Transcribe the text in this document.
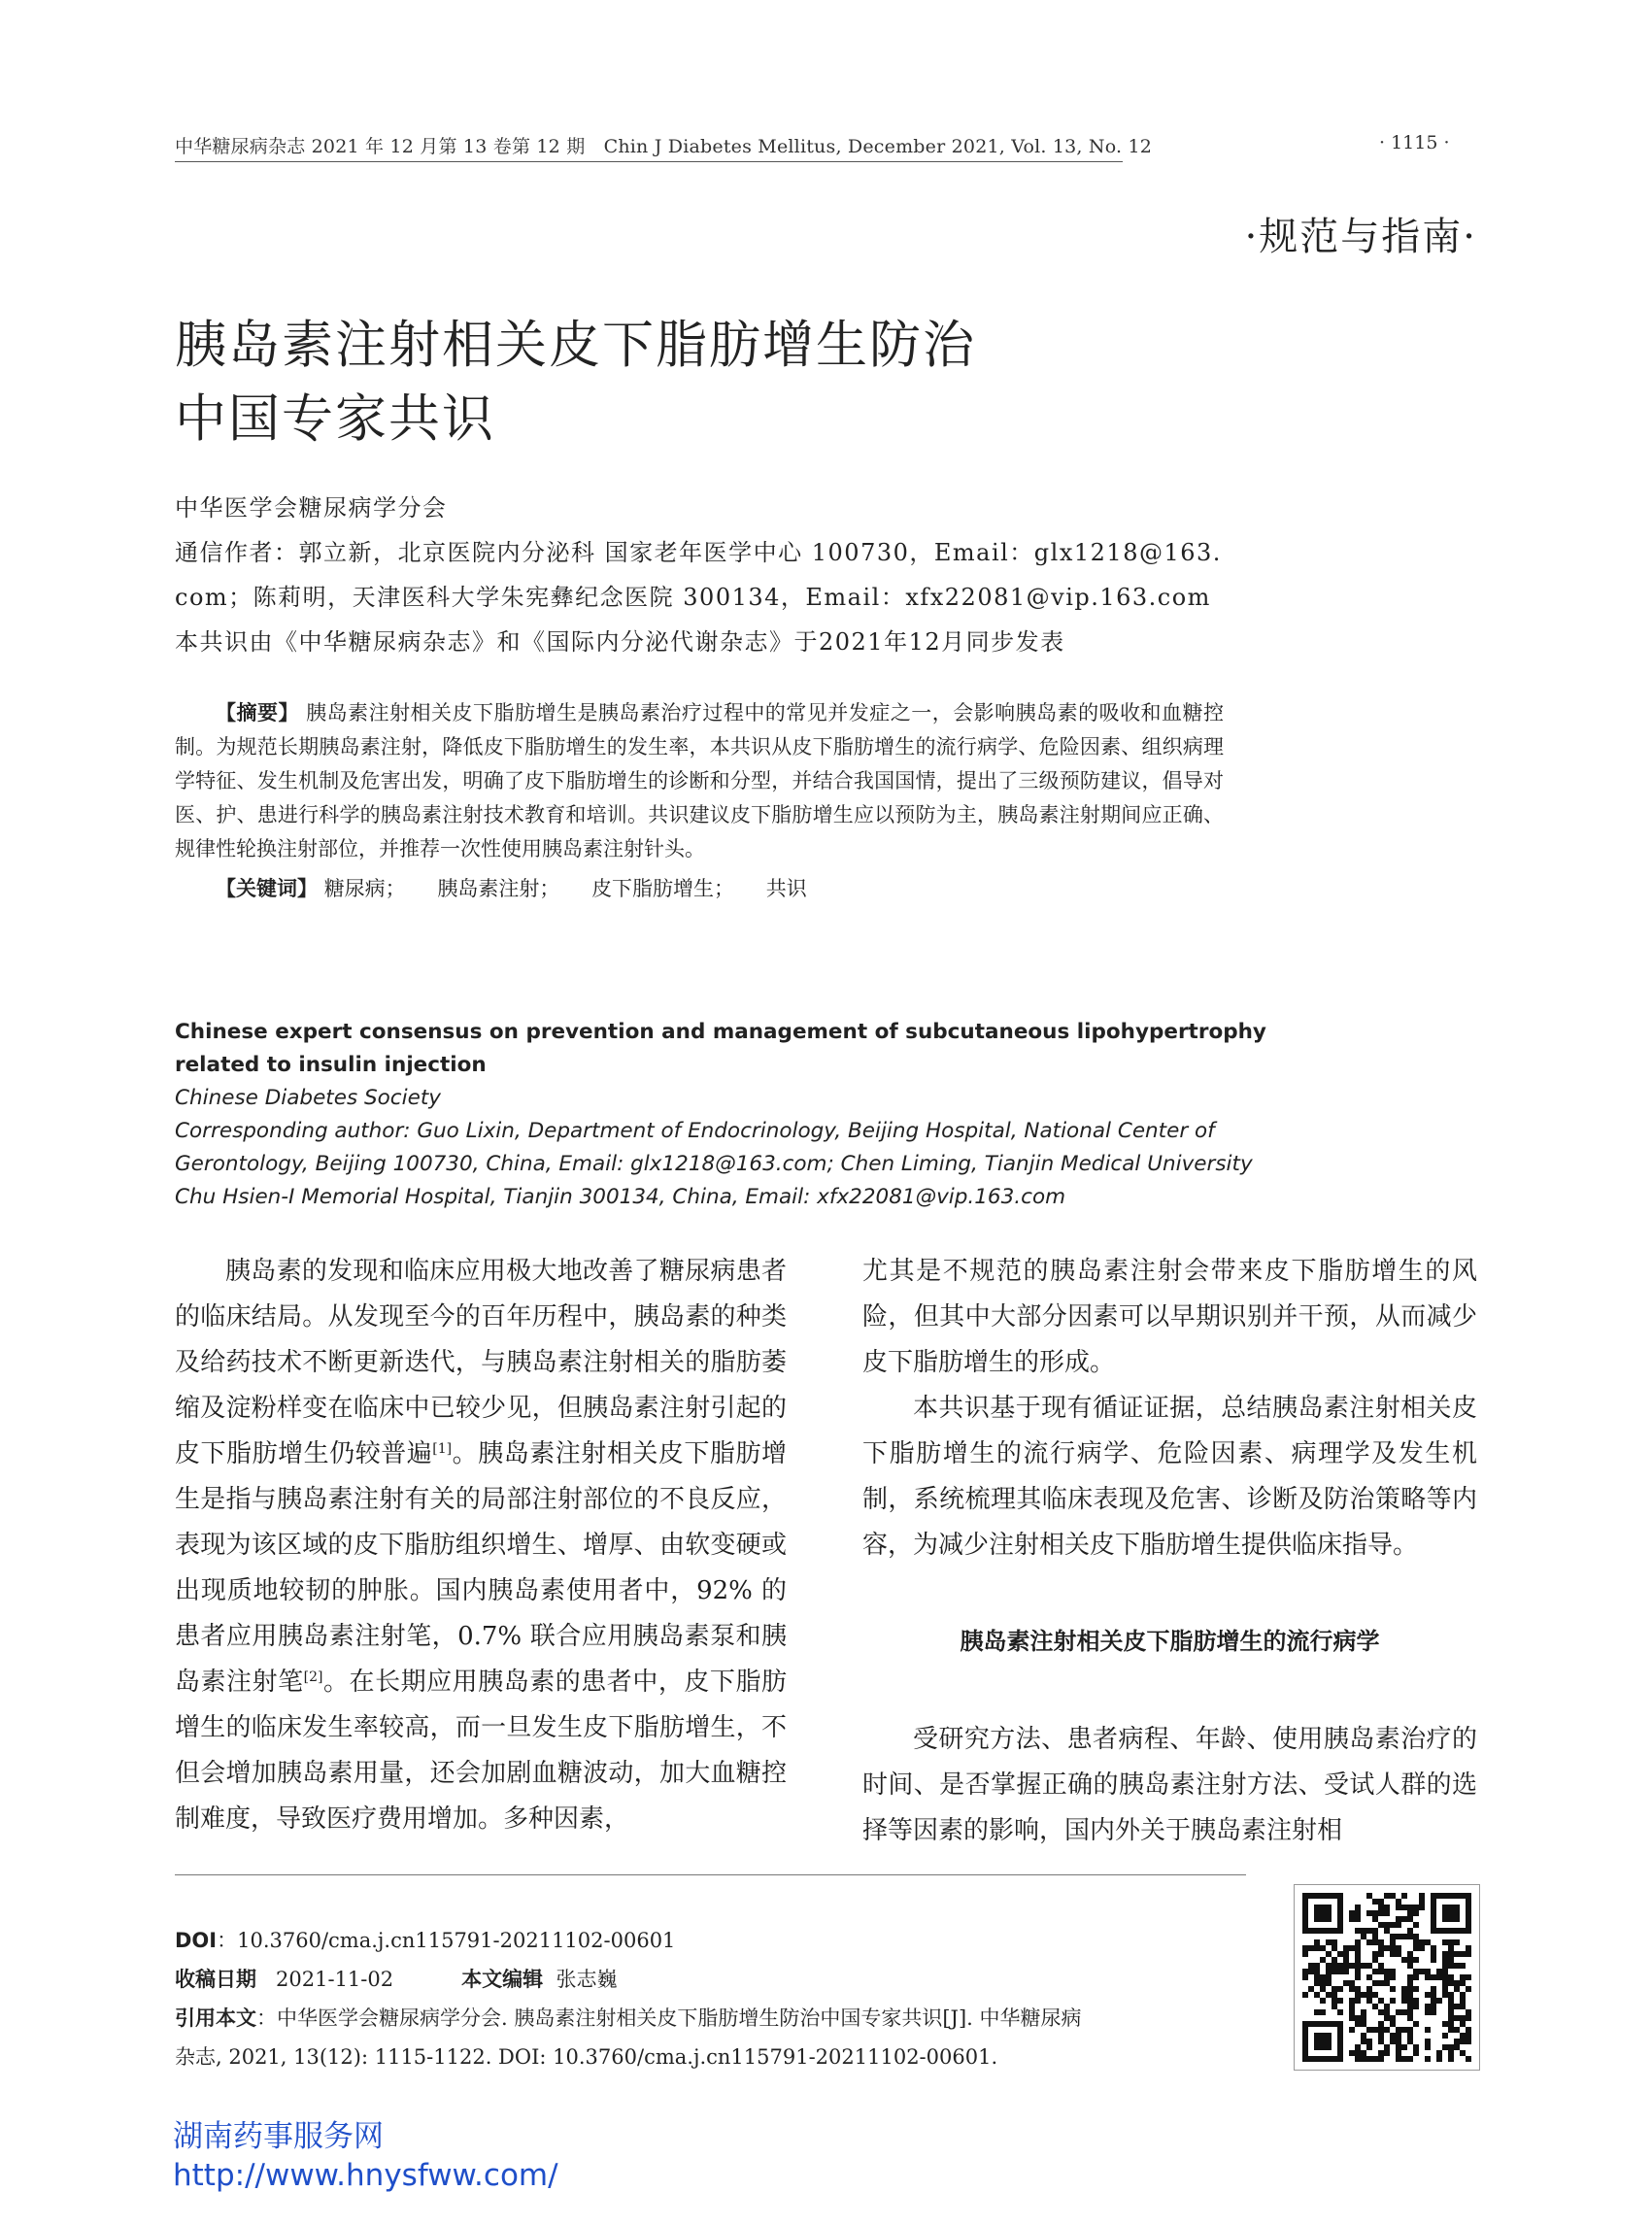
中华糖尿病杂志 2021 年 12 月第 13 卷第 12 期　Chin J Diabetes Mellitus, December 2021, Vol. 13, No. 12	· 1115 ·
·规范与指南·
胰岛素注射相关皮下脂肪增生防治
中国专家共识
中华医学会糖尿病学分会
通信作者：郭立新，北京医院内分泌科 国家老年医学中心 100730，Email：glx1218@163.
com；陈莉明，天津医科大学朱宪彝纪念医院 300134，Email：xfx22081@vip.163.com
本共识由《中华糖尿病杂志》和《国际内分泌代谢杂志》于2021年12月同步发表

【摘要】 胰岛素注射相关皮下脂肪增生是胰岛素治疗过程中的常见并发症之一，会影响胰岛素的吸收和血糖控制。为规范长期胰岛素注射，降低皮下脂肪增生的发生率，本共识从皮下脂肪增生的流行病学、危险因素、组织病理学特征、发生机制及危害出发，明确了皮下脂肪增生的诊断和分型，并结合我国国情，提出了三级预防建议，倡导对医、护、患进行科学的胰岛素注射技术教育和培训。共识建议皮下脂肪增生应以预防为主，胰岛素注射期间应正确、规律性轮换注射部位，并推荐一次性使用胰岛素注射针头。

【关键词】 糖尿病； 胰岛素注射； 皮下脂肪增生； 共识
Chinese expert consensus on prevention and management of subcutaneous lipohypertrophy
related to insulin injection
Chinese Diabetes Society
Corresponding author: Guo Lixin, Department of Endocrinology, Beijing Hospital, National Center of
Gerontology, Beijing 100730, China, Email: glx1218@163.com; Chen Liming, Tianjin Medical University
Chu Hsien-I Memorial Hospital, Tianjin 300134, China, Email: xfx22081@vip.163.com

胰岛素的发现和临床应用极大地改善了糖尿病患者的临床结局。从发现至今的百年历程中，胰岛素的种类及给药技术不断更新迭代，与胰岛素注射相关的脂肪萎缩及淀粉样变在临床中已较少见，但胰岛素注射引起的皮下脂肪增生仍较普遍[1]。胰岛素注射相关皮下脂肪增生是指与胰岛素注射有关的局部注射部位的不良反应，表现为该区域的皮下脂肪组织增生、增厚、由软变硬或出现质地较韧的肿胀。国内胰岛素使用者中，92% 的患者应用胰岛素注射笔，0.7% 联合应用胰岛素泵和胰岛素注射笔[2]。在长期应用胰岛素的患者中，皮下脂肪增生的临床发生率较高，而一旦发生皮下脂肪增生，不但会增加胰岛素用量，还会加剧血糖波动，加大血糖控制难度，导致医疗费用增加。多种因素，

尤其是不规范的胰岛素注射会带来皮下脂肪增生的风险，但其中大部分因素可以早期识别并干预，从而减少皮下脂肪增生的形成。

本共识基于现有循证证据，总结胰岛素注射相关皮下脂肪增生的流行病学、危险因素、病理学及发生机制，系统梳理其临床表现及危害、诊断及防治策略等内容，为减少注射相关皮下脂肪增生提供临床指导。

胰岛素注射相关皮下脂肪增生的流行病学

受研究方法、患者病程、年龄、使用胰岛素治疗的时间、是否掌握正确的胰岛素注射方法、受试人群的选择等因素的影响，国内外关于胰岛素注射相

DOI：10.3760/cma.j.cn115791-20211102-00601
收稿日期 2021-11-02	本文编辑 张志巍
引用本文：中华医学会糖尿病学分会. 胰岛素注射相关皮下脂肪增生防治中国专家共识[J]. 中华糖尿病
杂志, 2021, 13(12): 1115-1122. DOI: 10.3760/cma.j.cn115791-20211102-00601.
湖南药事服务网
http://www.hnysfww.com/
